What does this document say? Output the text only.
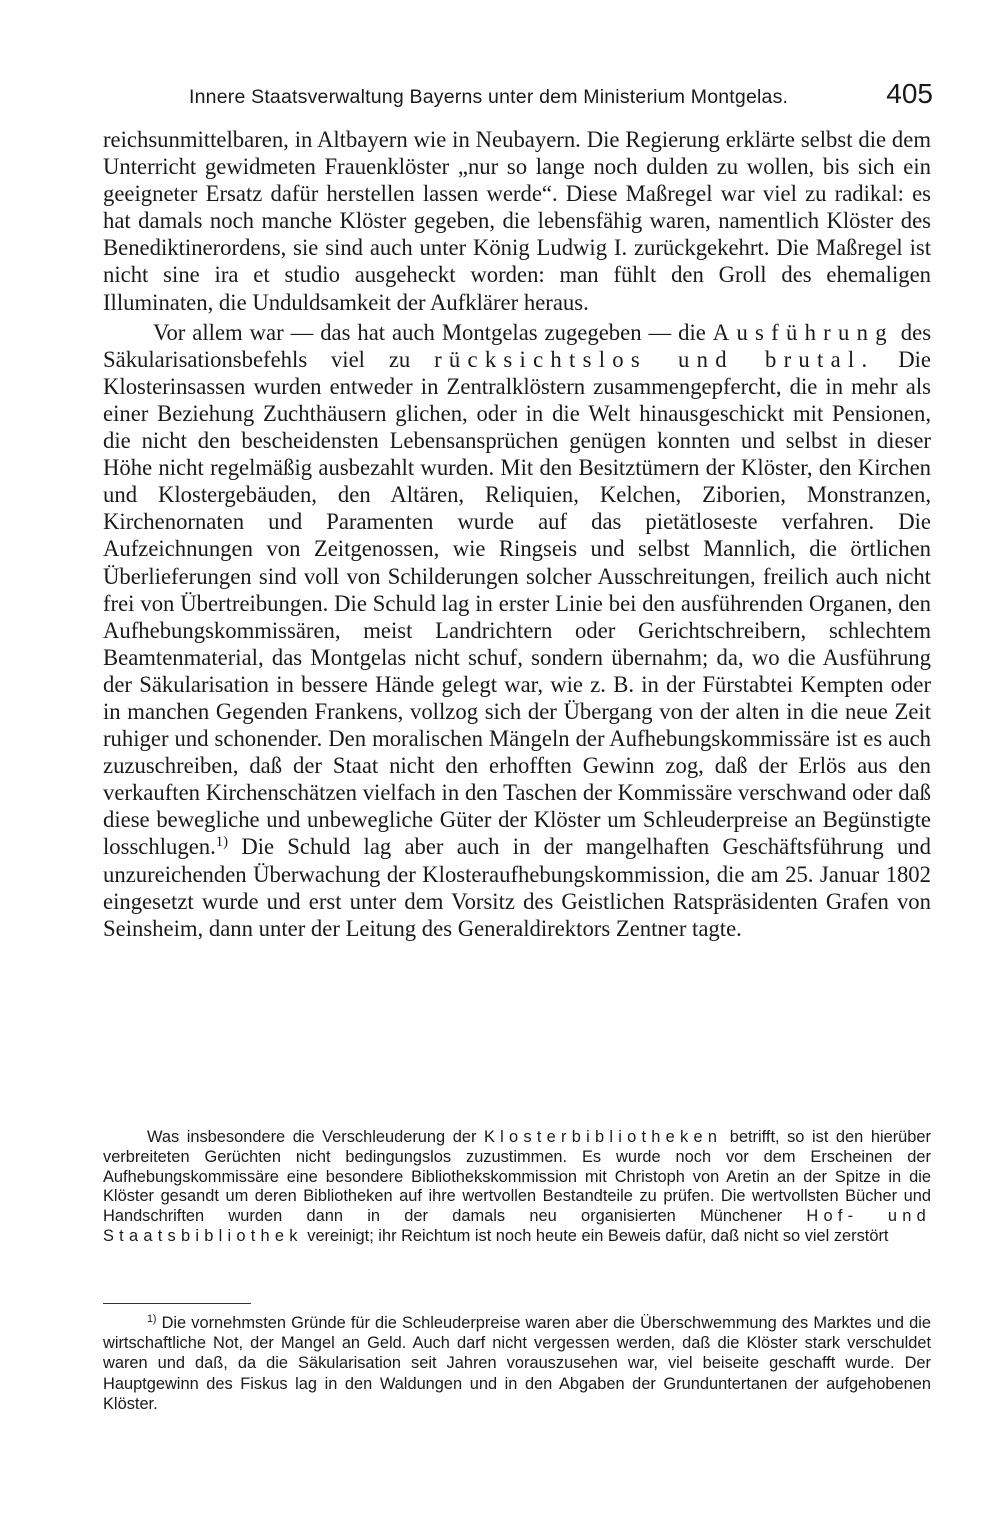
Innere Staatsverwaltung Bayerns unter dem Ministerium Montgelas.	405

reichsunmittelbaren, in Altbayern wie in Neubayern. Die Regierung erklärte selbst die dem Unterricht gewidmeten Frauenklöster „nur so lange noch dulden zu wollen, bis sich ein geeigneter Ersatz dafür herstellen lassen werde“. Diese Maßregel war viel zu radikal: es hat damals noch manche Klöster gegeben, die lebensfähig waren, namentlich Klöster des Benediktinerordens, sie sind auch unter König Ludwig I. zurückgekehrt. Die Maßregel ist nicht sine ira et studio ausgeheckt worden: man fühlt den Groll des ehemaligen Illuminaten, die Unduldsamkeit der Aufklärer heraus.

Vor allem war — das hat auch Montgelas zugegeben — die Ausführung des Säkularisationsbefehls viel zu rücksichtslos und brutal. Die Klosterinsassen wurden entweder in Zentralklöstern zusammengepfercht, die in mehr als einer Beziehung Zuchthäusern glichen, oder in die Welt hinausgeschickt mit Pensionen, die nicht den bescheidensten Lebensansprüchen genügen konnten und selbst in dieser Höhe nicht regelmäßig ausbezahlt wurden. Mit den Besitztümern der Klöster, den Kirchen und Klostergebäuden, den Altären, Reliquien, Kelchen, Ziborien, Monstranzen, Kirchenornaten und Paramenten wurde auf das pietätloseste verfahren. Die Aufzeichnungen von Zeitgenossen, wie Ringseis und selbst Mannlich, die örtlichen Überlieferungen sind voll von Schilderungen solcher Ausschreitungen, freilich auch nicht frei von Übertreibungen. Die Schuld lag in erster Linie bei den ausführenden Organen, den Aufhebungskommissären, meist Landrichtern oder Gerichtschreibern, schlechtem Beamtenmaterial, das Montgelas nicht schuf, sondern übernahm; da, wo die Ausführung der Säkularisation in bessere Hände gelegt war, wie z. B. in der Fürstabtei Kempten oder in manchen Gegenden Frankens, vollzog sich der Übergang von der alten in die neue Zeit ruhiger und schonender. Den moralischen Mängeln der Aufhebungskommissäre ist es auch zuzuschreiben, daß der Staat nicht den erhofften Gewinn zog, daß der Erlös aus den verkauften Kirchenschätzen vielfach in den Taschen der Kommissäre verschwand oder daß diese bewegliche und unbewegliche Güter der Klöster um Schleuderpreise an Begünstigte losschlugen.$^{1)}$ Die Schuld lag aber auch in der mangelhaften Geschäftsführung und unzureichenden Überwachung der Klosteraufhebungskommission, die am 25. Januar 1802 eingesetzt wurde und erst unter dem Vorsitz des Geistlichen Ratspräsidenten Grafen von Seinsheim, dann unter der Leitung des Generaldirektors Zentner tagte.

Was insbesondere die Verschleuderung der Klosterbibliotheken betrifft, so ist den hierüber verbreiteten Gerüchten nicht bedingungslos zuzustimmen. Es wurde noch vor dem Erscheinen der Aufhebungskommissäre eine besondere Bibliothekskommission mit Christoph von Aretin an der Spitze in die Klöster gesandt um deren Bibliotheken auf ihre wertvollen Bestandteile zu prüfen. Die wertvollsten Bücher und Handschriften wurden dann in der damals neu organisierten Münchener Hof- und Staatsbibliothek vereinigt; ihr Reichtum ist noch heute ein Beweis dafür, daß nicht so viel zerstört

$^{1)}$ Die vornehmsten Gründe für die Schleuderpreise waren aber die Überschwemmung des Marktes und die wirtschaftliche Not, der Mangel an Geld. Auch darf nicht vergessen werden, daß die Klöster stark verschuldet waren und daß, da die Säkularisation seit Jahren vorauszusehen war, viel beiseite geschafft wurde. Der Hauptgewinn des Fiskus lag in den Waldungen und in den Abgaben der Grunduntertanen der aufgehobenen Klöster.
